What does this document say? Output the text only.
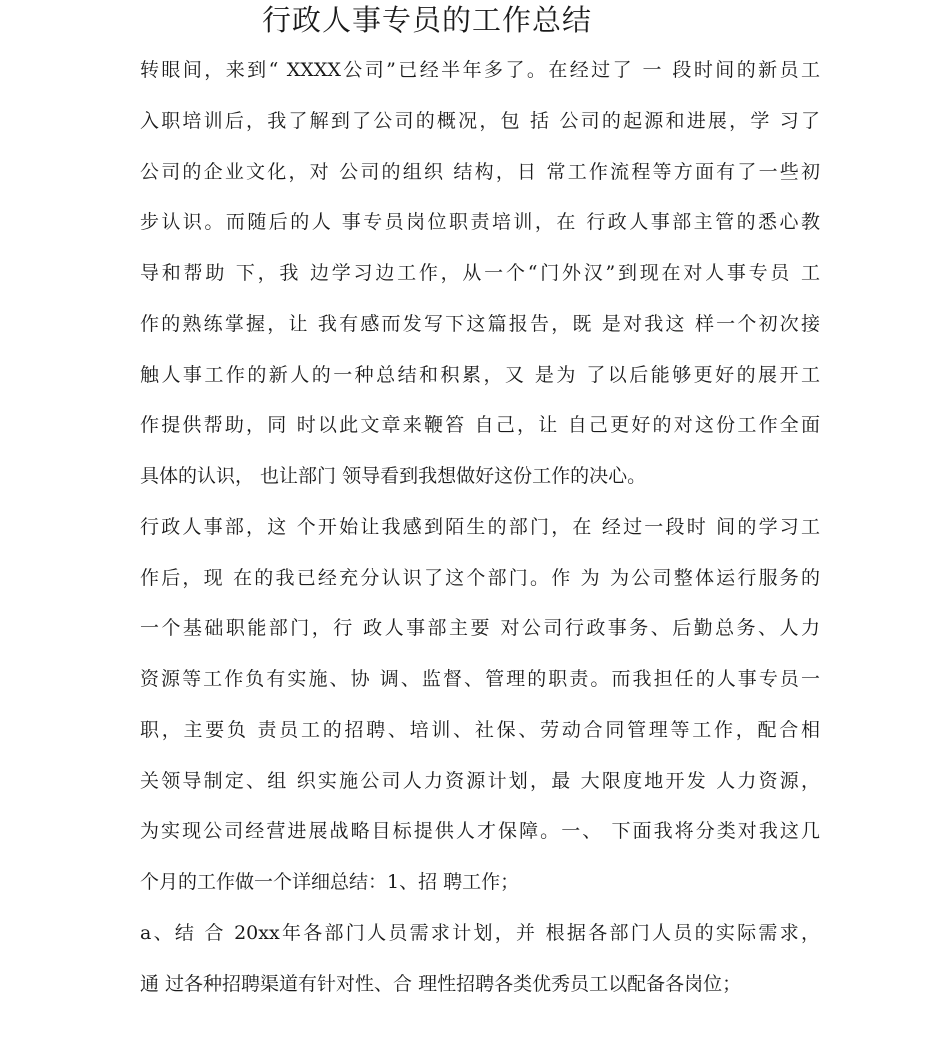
行政人事专员的工作总结
转眼间，来到“ XXXX公司”已经半年多了。在经过了 一 段时间的新员工
入职培训后，我了解到了公司的概况，包 括 公司的起源和进展，学 习了
公司的企业文化，对 公司的组织 结构，日 常工作流程等方面有了一些初
步认识。而随后的人 事专员岗位职责培训，在 行政人事部主管的悉心教
导和帮助 下，我 边学习边工作，从一个“门外汉”到现在对人事专员 工
作的熟练掌握，让 我有感而发写下这篇报告，既 是对我这 样一个初次接
触人事工作的新人的一种总结和积累，又 是为 了以后能够更好的展开工
作提供帮助，同 时以此文章来鞭笞 自己，让 自己更好的对这份工作全面
具体的认识， 也让部门 领导看到我想做好这份工作的决心。
行政人事部，这 个开始让我感到陌生的部门，在 经过一段时 间的学习工
作后，现 在的我已经充分认识了这个部门。作 为 为公司整体运行服务的
一个基础职能部门，行 政人事部主要 对公司行政事务、后勤总务、人力
资源等工作负有实施、协 调、监督、管理的职责。而我担任的人事专员一
职，主要负 责员工的招聘、培训、社保、劳动合同管理等工作，配合相
关领导制定、组 织实施公司人力资源计划，最 大限度地开发 人力资源，
为实现公司经营进展战略目标提供人才保障。一、 下面我将分类对我这几
个月的工作做一个详细总结：1、招 聘工作；
a、结 合 20xx年各部门人员需求计划，并 根据各部门人员的实际需求，
通 过各种招聘渠道有针对性、合 理性招聘各类优秀员工以配备各岗位；
